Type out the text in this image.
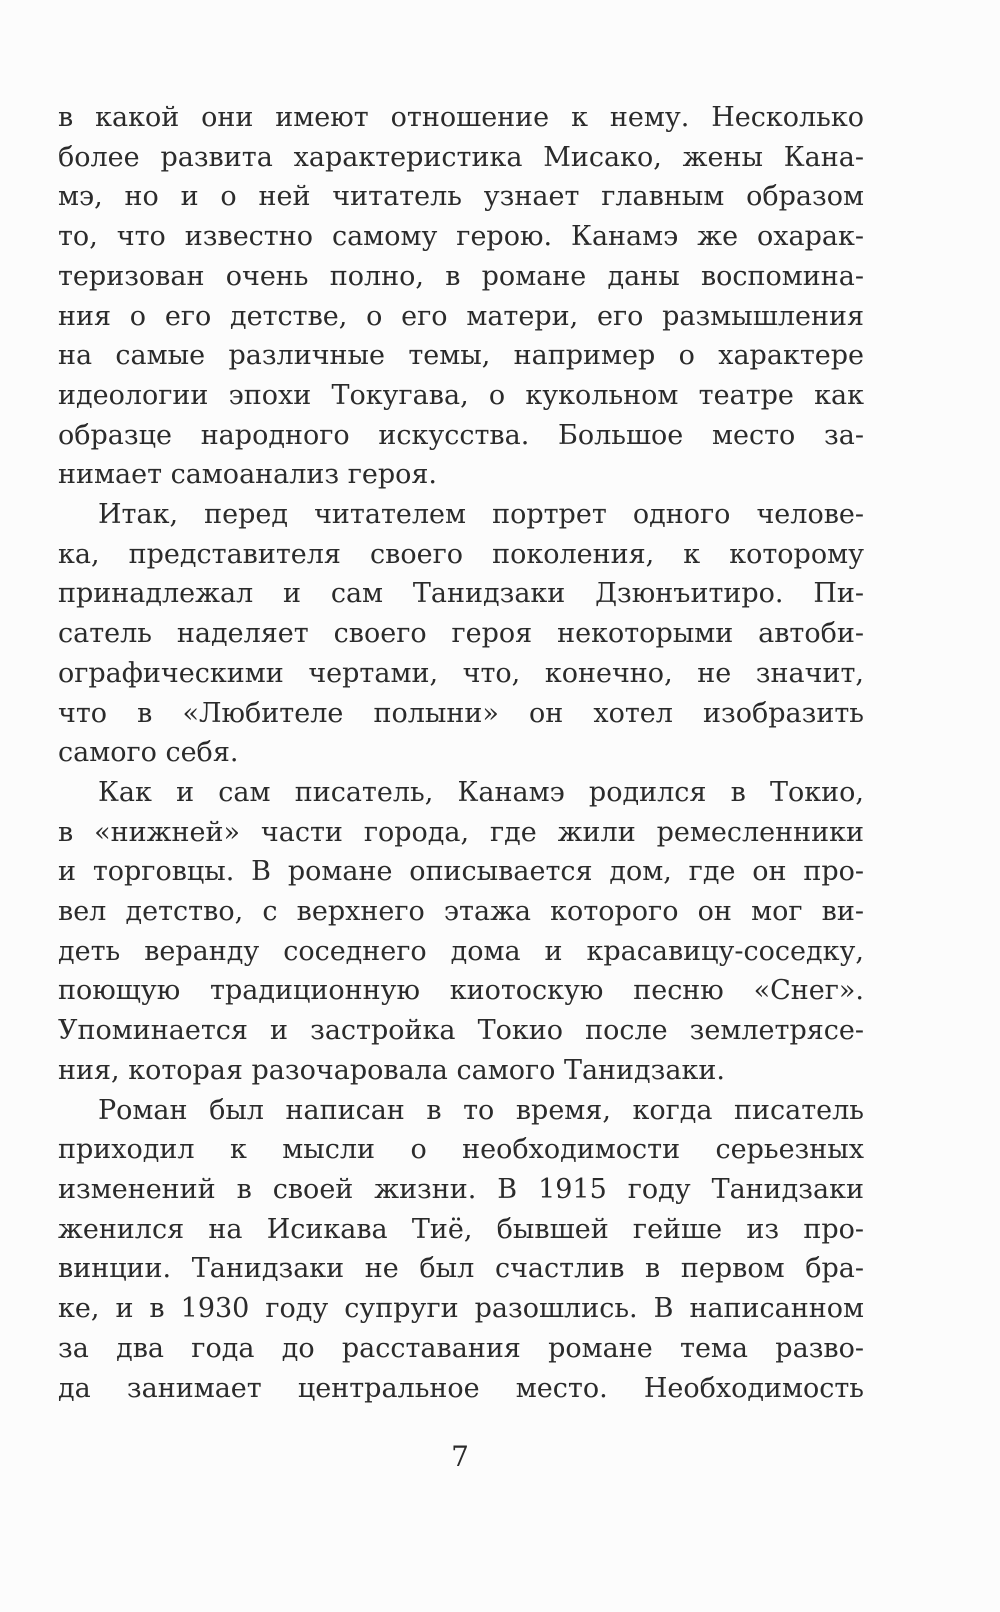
в какой они имеют отношение к нему. Несколько
более развита характеристика Мисако, жены Кана-
мэ, но и о ней читатель узнает главным образом
то, что известно самому герою. Канамэ же охарак-
теризован очень полно, в романе даны воспомина-
ния о его детстве, о его матери, его размышления
на самые различные темы, например о характере
идеологии эпохи Токугава, о кукольном театре как
образце народного искусства. Большое место за-
нимает самоанализ героя.
Итак, перед читателем портрет одного челове-
ка, представителя своего поколения, к которому
принадлежал и сам Танидзаки Дзюнъитиро. Пи-
сатель наделяет своего героя некоторыми автоби-
ографическими чертами, что, конечно, не значит,
что в «Любителе полыни» он хотел изобразить
самого себя.
Как и сам писатель, Канамэ родился в Токио,
в «нижней» части города, где жили ремесленники
и торговцы. В романе описывается дом, где он про-
вел детство, с верхнего этажа которого он мог ви-
деть веранду соседнего дома и красавицу-соседку,
поющую традиционную киотоскую песню «Снег».
Упоминается и застройка Токио после землетрясе-
ния, которая разочаровала самого Танидзаки.
Роман был написан в то время, когда писатель
приходил к мысли о необходимости серьезных
изменений в своей жизни. В 1915 году Танидзаки
женился на Исикава Тиё, бывшей гейше из про-
винции. Танидзаки не был счастлив в первом бра-
ке, и в 1930 году супруги разошлись. В написанном
за два года до расставания романе тема разво-
да занимает центральное место. Необходимость
7
